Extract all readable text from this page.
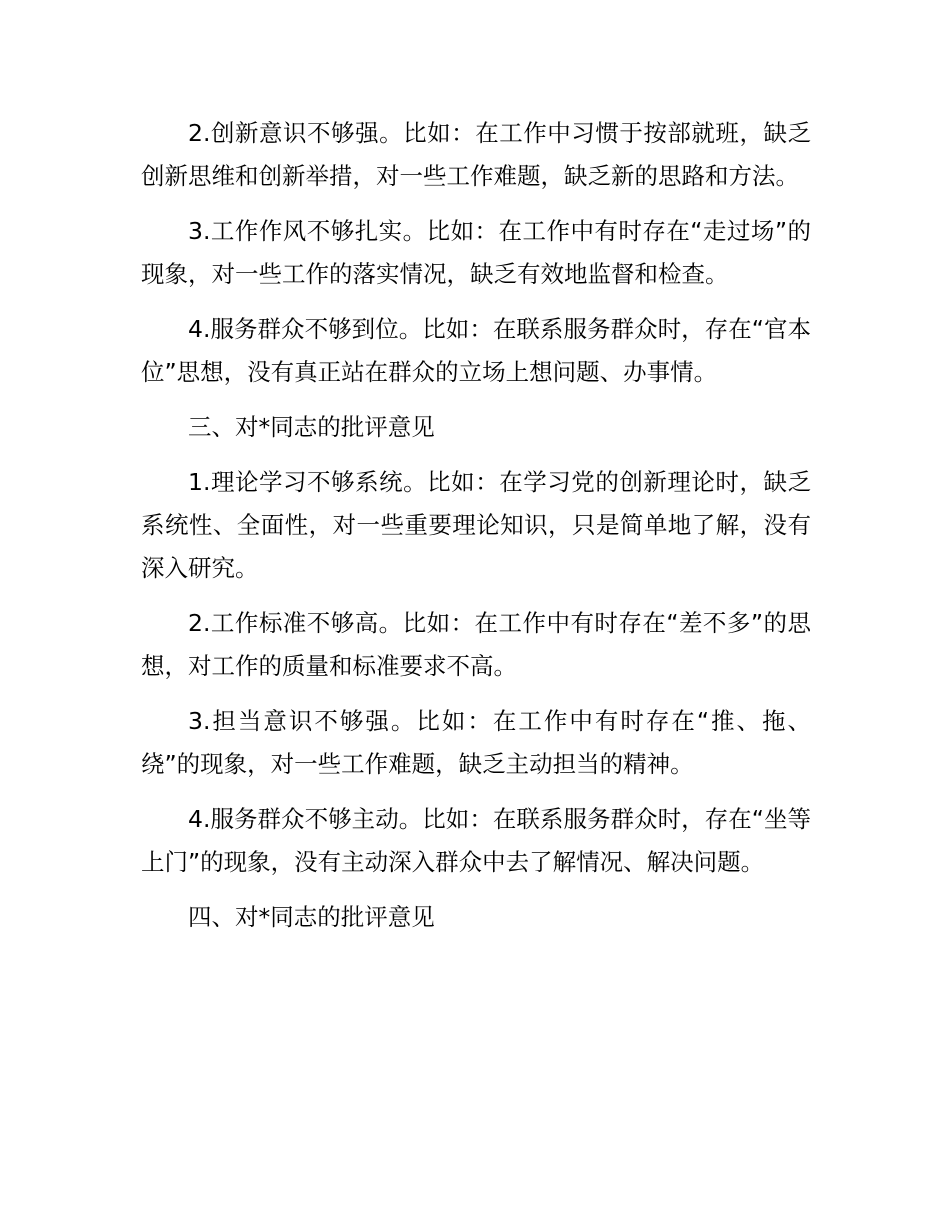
2.创新意识不够强。比如：在工作中习惯于按部就班，缺乏创新思维和创新举措，对一些工作难题，缺乏新的思路和方法。

3.工作作风不够扎实。比如：在工作中有时存在“走过场”的现象，对一些工作的落实情况，缺乏有效地监督和检查。

4.服务群众不够到位。比如：在联系服务群众时，存在“官本位”思想，没有真正站在群众的立场上想问题、办事情。

三、对*同志的批评意见

1.理论学习不够系统。比如：在学习党的创新理论时，缺乏系统性、全面性，对一些重要理论知识，只是简单地了解，没有深入研究。

2.工作标准不够高。比如：在工作中有时存在“差不多”的思想，对工作的质量和标准要求不高。

3.担当意识不够强。比如：在工作中有时存在“推、拖、绕”的现象，对一些工作难题，缺乏主动担当的精神。

4.服务群众不够主动。比如：在联系服务群众时，存在“坐等上门”的现象，没有主动深入群众中去了解情况、解决问题。

四、对*同志的批评意见
